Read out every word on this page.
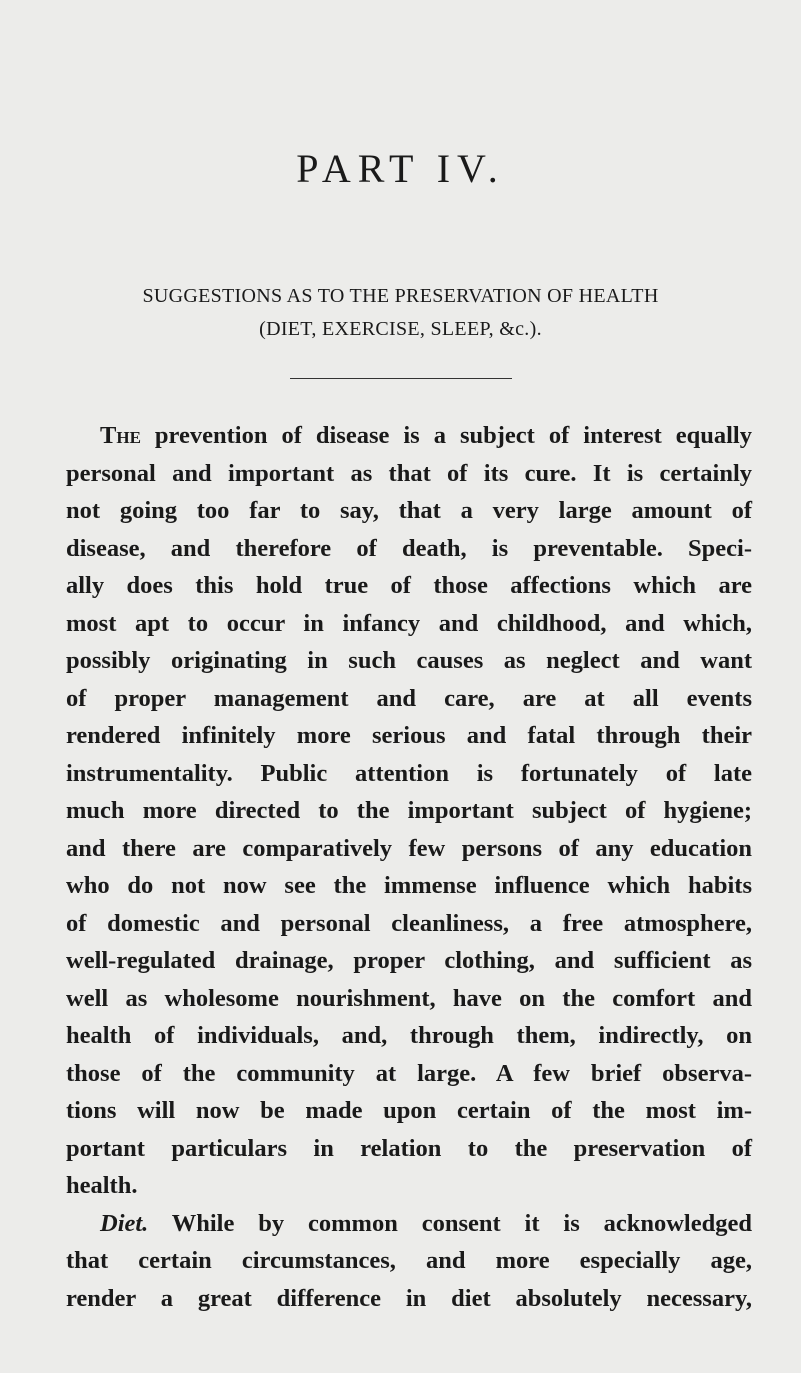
PART IV.
SUGGESTIONS AS TO THE PRESERVATION OF HEALTH
(DIET, EXERCISE, SLEEP, &c.).
The prevention of disease is a subject of interest equally
personal and important as that of its cure. It is certainly
not going too far to say, that a very large amount of
disease, and therefore of death, is preventable. Speci-
ally does this hold true of those affections which are
most apt to occur in infancy and childhood, and which,
possibly originating in such causes as neglect and want
of proper management and care, are at all events
rendered infinitely more serious and fatal through their
instrumentality. Public attention is fortunately of late
much more directed to the important subject of hygiene;
and there are comparatively few persons of any education
who do not now see the immense influence which habits
of domestic and personal cleanliness, a free atmosphere,
well-regulated drainage, proper clothing, and sufficient as
well as wholesome nourishment, have on the comfort and
health of individuals, and, through them, indirectly, on
those of the community at large. A few brief observa-
tions will now be made upon certain of the most im-
portant particulars in relation to the preservation of
health.
Diet. While by common consent it is acknowledged
that certain circumstances, and more especially age,
render a great difference in diet absolutely necessary,
